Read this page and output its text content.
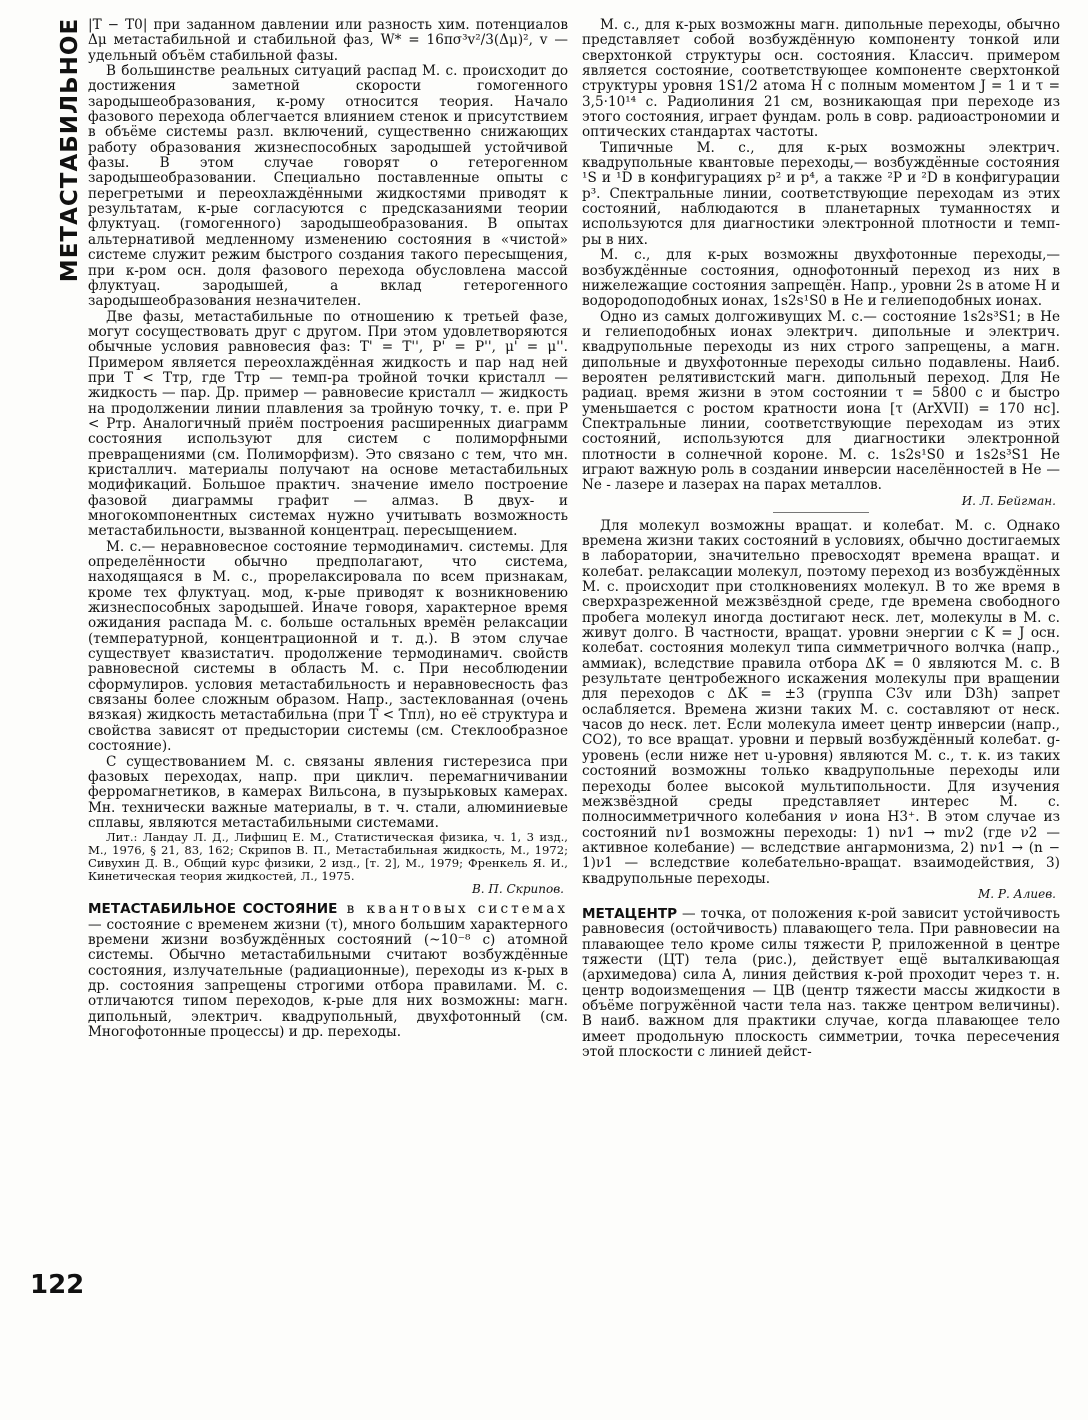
МЕТАСТАБИЛЬНОЕ
122

|T − T0| при заданном давлении или разность хим. потенциалов Δμ метастабильной и стабильной фаз, W* = 16πσ³v²/3(Δμ)², v — удельный объём стабильной фазы.

В большинстве реальных ситуаций распад М. с. происходит до достижения заметной скорости гомогенного зародышеобразования, к-рому относится теория. Начало фазового перехода облегчается влиянием стенок и присутствием в объёме системы разл. включений, существенно снижающих работу образования жизнеспособных зародышей устойчивой фазы. В этом случае говорят о гетерогенном зародышеобразовании. Специально поставленные опыты с перегретыми и переохлаждёнными жидкостями приводят к результатам, к-рые согласуются с предсказаниями теории флуктуац. (гомогенного) зародышеобразования. В опытах альтернативой медленному изменению состояния в «чистой» системе служит режим быстрого создания такого пересыщения, при к-ром осн. доля фазового перехода обусловлена массой флуктуац. зародышей, а вклад гетерогенного зародышеобразования незначителен.

Две фазы, метастабильные по отношению к третьей фазе, могут сосуществовать друг с другом. При этом удовлетворяются обычные условия равновесия фаз: T' = T'', P' = P'', μ' = μ''. Примером является переохлаждённая жидкость и пар над ней при T < Tтр, где Tтр — темп-ра тройной точки кристалл — жидкость — пар. Др. пример — равновесие кристалл — жидкость на продолжении линии плавления за тройную точку, т. е. при P < Pтр. Аналогичный приём построения расширенных диаграмм состояния используют для систем с полиморфными превращениями (см. Полиморфизм). Это связано с тем, что мн. кристаллич. материалы получают на основе метастабильных модификаций. Большое практич. значение имело построение фазовой диаграммы графит — алмаз. В двух- и многокомпонентных системах нужно учитывать возможность метастабильности, вызванной концентрац. пересыщением.

М. с.— неравновесное состояние термодинамич. системы. Для определённости обычно предполагают, что система, находящаяся в М. с., прорелаксировала по всем признакам, кроме тех флуктуац. мод, к-рые приводят к возникновению жизнеспособных зародышей. Иначе говоря, характерное время ожидания распада М. с. больше остальных времён релаксации (температурной, концентрационной и т. д.). В этом случае существует квазистатич. продолжение термодинамич. свойств равновесной системы в область М. с. При несоблюдении сформулиров. условия метастабильность и неравновесность фаз связаны более сложным образом. Напр., застеклованная (очень вязкая) жидкость метастабильна (при T < Tпл), но её структура и свойства зависят от предыстории системы (см. Стеклообразное состояние).

С существованием М. с. связаны явления гистерезиса при фазовых переходах, напр. при циклич. перемагничивании ферромагнетиков, в камерах Вильсона, в пузырьковых камерах. Мн. технически важные материалы, в т. ч. стали, алюминиевые сплавы, являются метастабильными системами.

Лит.: Ландау Л. Д., Лифшиц Е. М., Статистическая физика, ч. 1, 3 изд., М., 1976, § 21, 83, 162; Скрипов В. П., Метастабильная жидкость, М., 1972; Сивухин Д. В., Общий курс физики, 2 изд., [т. 2], М., 1979; Френкель Я. И., Кинетическая теория жидкостей, Л., 1975.

В. П. Скрипов.

МЕТАСТАБИЛЬНОЕ СОСТОЯНИЕ в квантовых системах — состояние с временем жизни (τ), много большим характерного времени жизни возбуждённых состояний (~10⁻⁸ с) атомной системы. Обычно метастабильными считают возбуждённые состояния, излучательные (радиационные), переходы из к-рых в др. состояния запрещены строгими отбора правилами. М. с. отличаются типом переходов, к-рые для них возможны: магн. дипольный, электрич. квадрупольный, двухфотонный (см. Многофотонные процессы) и др. переходы.

М. с., для к-рых возможны магн. дипольные переходы, обычно представляет собой возбуждённую компоненту тонкой или сверхтонкой структуры осн. состояния. Классич. примером является состояние, соответствующее компоненте сверхтонкой структуры уровня 1S1/2 атома H с полным моментом J = 1 и τ = 3,5·10¹⁴ с. Радиолиния 21 см, возникающая при переходе из этого состояния, играет фундам. роль в совр. радиоастрономии и оптических стандартах частоты.

Типичные М. с., для к-рых возможны электрич. квадрупольные квантовые переходы,— возбуждённые состояния ¹S и ¹D в конфигурациях p² и p⁴, а также ²P и ²D в конфигурации p³. Спектральные линии, соответствующие переходам из этих состояний, наблюдаются в планетарных туманностях и используются для диагностики электронной плотности и темп-ры в них.

М. с., для к-рых возможны двухфотонные переходы,— возбуждённые состояния, однофотонный переход из них в нижележащие состояния запрещён. Напр., уровни 2s в атоме H и водородоподобных ионах, 1s2s¹S0 в He и гелиеподобных ионах.

Одно из самых долгоживущих М. с.— состояние 1s2s³S1; в He и гелиеподобных ионах электрич. дипольные и электрич. квадрупольные переходы из них строго запрещены, а магн. дипольные и двухфотонные переходы сильно подавлены. Наиб. вероятен релятивистский магн. дипольный переход. Для He радиац. время жизни в этом состоянии τ = 5800 с и быстро уменьшается с ростом кратности иона [τ (ArXVII) = 170 нс]. Спектральные линии, соответствующие переходам из этих состояний, используются для диагностики электронной плотности в солнечной короне. М. с. 1s2s¹S0 и 1s2s³S1 He играют важную роль в создании инверсии населённостей в He — Ne - лазере и лазерах на парах металлов.

И. Л. Бейгман.

Для молекул возможны вращат. и колебат. М. с. Однако времена жизни таких состояний в условиях, обычно достигаемых в лаборатории, значительно превосходят времена вращат. и колебат. релаксации молекул, поэтому переход из возбуждённых М. с. происходит при столкновениях молекул. В то же время в сверхразреженной межзвёздной среде, где времена свободного пробега молекул иногда достигают неск. лет, молекулы в М. с. живут долго. В частности, вращат. уровни энергии с K = J осн. колебат. состояния молекул типа симметричного волчка (напр., аммиак), вследствие правила отбора ΔK = 0 являются М. с. В результате центробежного искажения молекулы при вращении для переходов с ΔK = ±3 (группа C3v или D3h) запрет ослабляется. Времена жизни таких М. с. составляют от неск. часов до неск. лет. Если молекула имеет центр инверсии (напр., CO2), то все вращат. уровни и первый возбуждённый колебат. g-уровень (если ниже нет u-уровня) являются М. с., т. к. из таких состояний возможны только квадрупольные переходы или переходы более высокой мультипольности. Для изучения межзвёздной среды представляет интерес М. с. полносимметричного колебания ν иона H3⁺. В этом случае из состояний nν1 возможны переходы: 1) nν1 → mν2 (где ν2 — активное колебание) — вследствие ангармонизма, 2) nν1 → (n − 1)ν1 — вследствие колебательно-вращат. взаимодействия, 3) квадрупольные переходы.

М. Р. Алиев.

МЕТАЦЕНТР — точка, от положения к-рой зависит устойчивость равновесия (остойчивость) плавающего тела. При равновесии на плавающее тело кроме силы тяжести P, приложенной в центре тяжести (ЦТ) тела (рис.), действует ещё выталкивающая (архимедова) сила A, линия действия к-рой проходит через т. н. центр водоизмещения — ЦВ (центр тяжести массы жидкости в объёме погружённой части тела наз. также центром величины). В наиб. важном для практики случае, когда плавающее тело имеет продольную плоскость симметрии, точка пересечения этой плоскости с линией дейст-
